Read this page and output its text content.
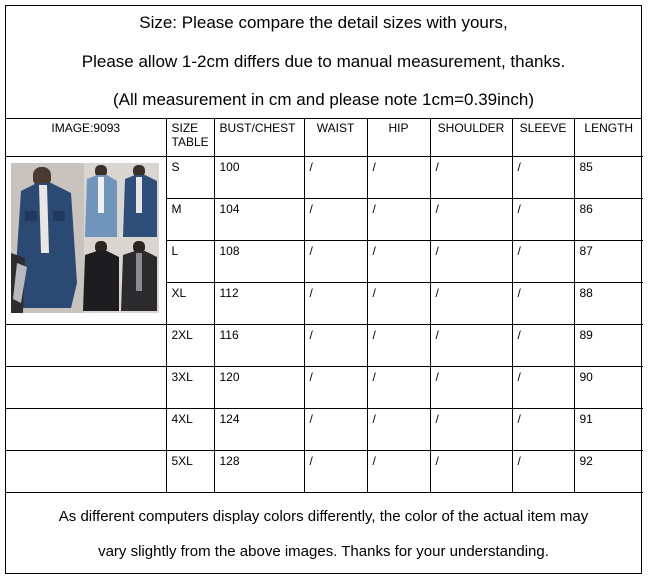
Size: Please compare the detail sizes with yours,
Please allow 1-2cm differs due to manual measurement, thanks.
(All measurement in cm and please note 1cm=0.39inch)
IMAGE:9093	SIZE TABLE	BUST/CHEST	WAIST	HIP	SHOULDER	SLEEVE	LENGTH

	S	100	/	/	/	/	85
	M	104	/	/	/	/	86
	L	108	/	/	/	/	87
	XL	112	/	/	/	/	88
	2XL	116	/	/	/	/	89
	3XL	120	/	/	/	/	90
	4XL	124	/	/	/	/	91
	5XL	128	/	/	/	/	92
As different computers display colors differently, the color of the actual item may
vary slightly from the above images. Thanks for your understanding.
